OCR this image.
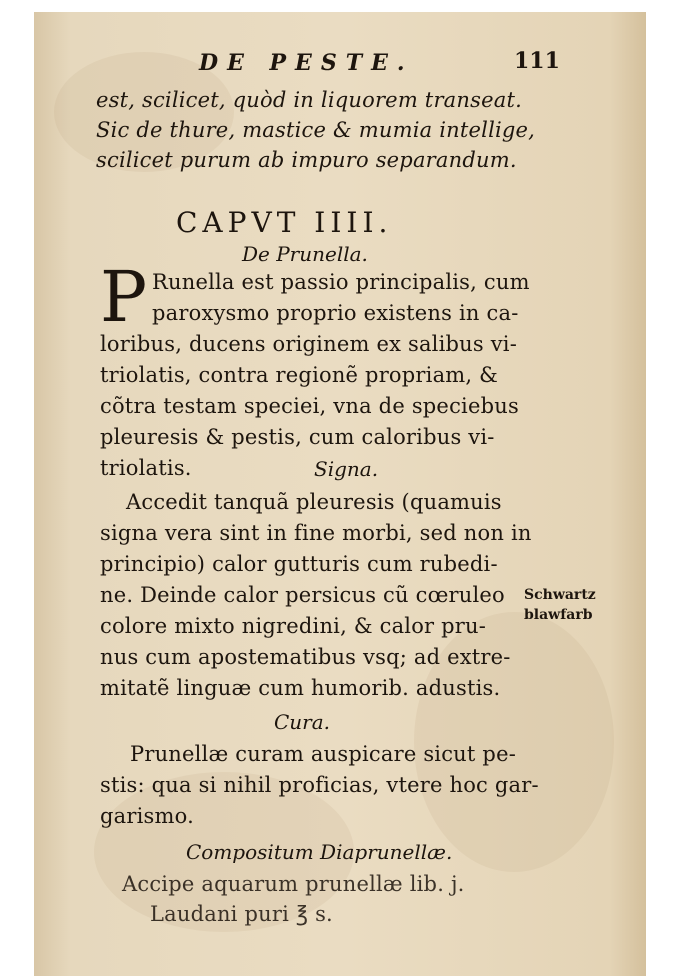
DE PESTE.	111
est, scilicet, quòd in liquorem transeat.
Sic de thure, mastice & mumia intellige,
scilicet purum ab impuro separandum.
CAPVT IIII.
De Prunella.
P Runella est passio principalis, cum
paroxysmo proprio existens in ca-
loribus, ducens originem ex salibus vi-
triolatis, contra regionẽ propriam, &
cõtra testam speciei, vna de speciebus
pleuresis & pestis, cum caloribus vi-
triolatis.	Signa.
Accedit tanquã pleuresis (quamuis
signa vera sint in fine morbi, sed non in
principio) calor gutturis cum rubedi-
ne. Deinde calor persicus cũ cœruleo
colore mixto nigredini, & calor pru-
nus cum apostematibus vsq; ad extre-
mitatẽ linguæ cum humorib. adustis.
Schwartz
blawfarb
Cura.
Prunellæ curam auspicare sicut pe-
stis: qua si nihil proficias, vtere hoc gar-
garismo.
Compositum Diaprunellæ.
Accipe aquarum prunellæ lib. j.
Laudani puri ℥ s.
